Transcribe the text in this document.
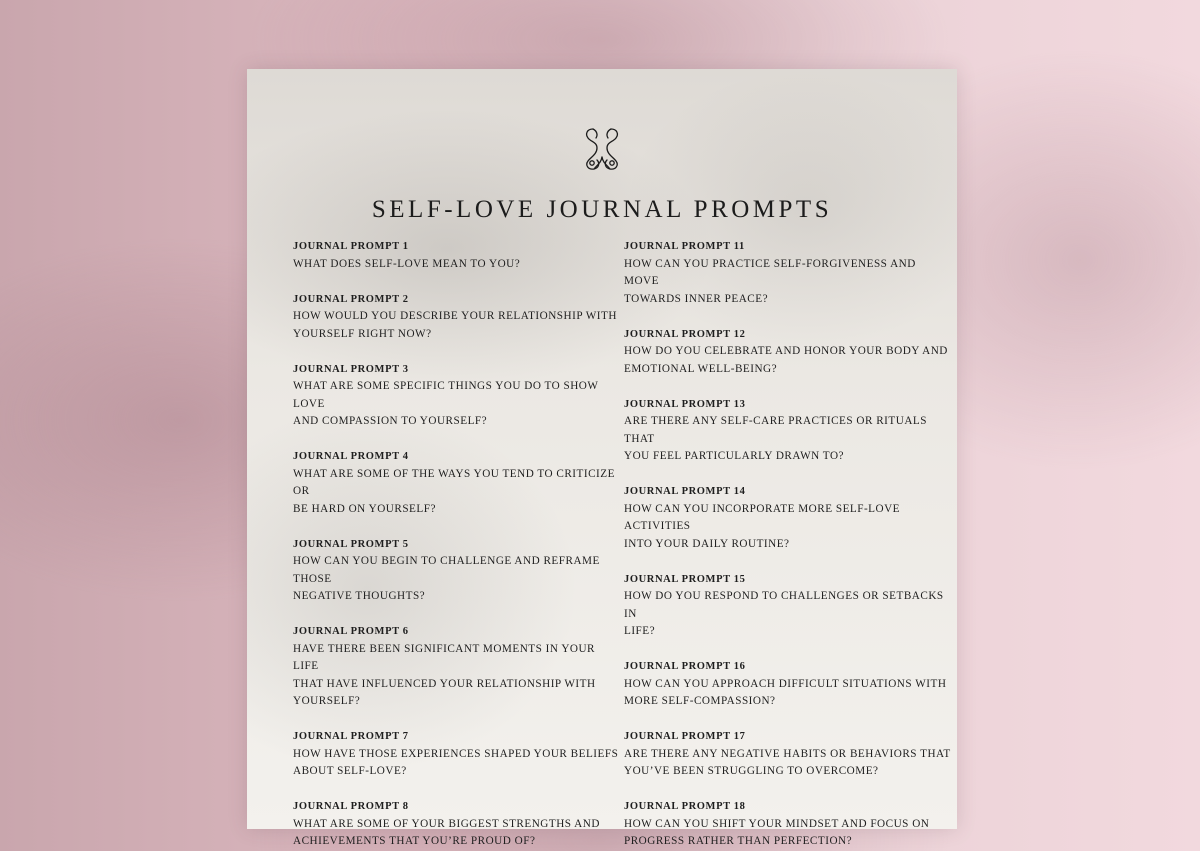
SELF-LOVE JOURNAL PROMPTS
JOURNAL PROMPT 1
WHAT DOES SELF-LOVE MEAN TO YOU?
JOURNAL PROMPT 2
HOW WOULD YOU DESCRIBE YOUR RELATIONSHIP WITH
YOURSELF RIGHT NOW?
JOURNAL PROMPT 3
WHAT ARE SOME SPECIFIC THINGS YOU DO TO SHOW LOVE
AND COMPASSION TO YOURSELF?
JOURNAL PROMPT 4
WHAT ARE SOME OF THE WAYS YOU TEND TO CRITICIZE OR
BE HARD ON YOURSELF?
JOURNAL PROMPT 5
HOW CAN YOU BEGIN TO CHALLENGE AND REFRAME THOSE
NEGATIVE THOUGHTS?
JOURNAL PROMPT 6
HAVE THERE BEEN SIGNIFICANT MOMENTS IN YOUR LIFE
THAT HAVE INFLUENCED YOUR RELATIONSHIP WITH
YOURSELF?
JOURNAL PROMPT 7
HOW HAVE THOSE EXPERIENCES SHAPED YOUR BELIEFS
ABOUT SELF-LOVE?
JOURNAL PROMPT 8
WHAT ARE SOME OF YOUR BIGGEST STRENGTHS AND
ACHIEVEMENTS THAT YOU’RE PROUD OF?
JOURNAL PROMPT 11
HOW CAN YOU PRACTICE SELF-FORGIVENESS AND MOVE
TOWARDS INNER PEACE?
JOURNAL PROMPT 12
HOW DO YOU CELEBRATE AND HONOR YOUR BODY AND
EMOTIONAL WELL-BEING?
JOURNAL PROMPT 13
ARE THERE ANY SELF-CARE PRACTICES OR RITUALS THAT
YOU FEEL PARTICULARLY DRAWN TO?
JOURNAL PROMPT 14
HOW CAN YOU INCORPORATE MORE SELF-LOVE ACTIVITIES
INTO YOUR DAILY ROUTINE?
JOURNAL PROMPT 15
HOW DO YOU RESPOND TO CHALLENGES OR SETBACKS IN
LIFE?
JOURNAL PROMPT 16
HOW CAN YOU APPROACH DIFFICULT SITUATIONS WITH
MORE SELF-COMPASSION?
JOURNAL PROMPT 17
ARE THERE ANY NEGATIVE HABITS OR BEHAVIORS THAT
YOU’VE BEEN STRUGGLING TO OVERCOME?
JOURNAL PROMPT 18
HOW CAN YOU SHIFT YOUR MINDSET AND FOCUS ON
PROGRESS RATHER THAN PERFECTION?
